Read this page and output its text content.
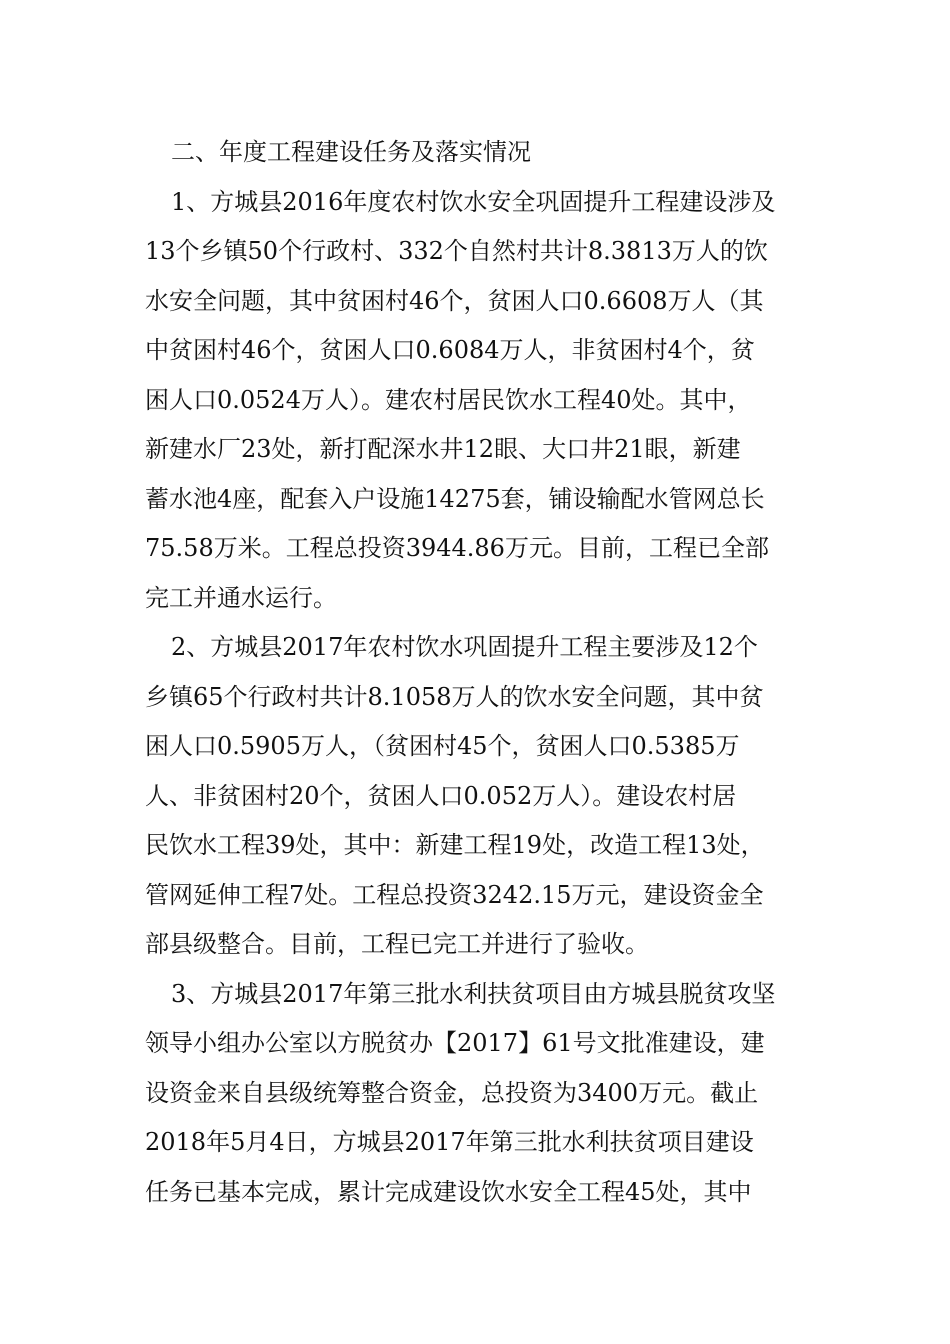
二、年度工程建设任务及落实情况
1、方城县2016年度农村饮水安全巩固提升工程建设涉及
13个乡镇50个行政村、332个自然村共计8.3813万人的饮
水安全问题，其中贫困村46个，贫困人口0.6608万人（其
中贫困村46个，贫困人口0.6084万人，非贫困村4个，贫
困人口0.0524万人）。建农村居民饮水工程40处。其中，
新建水厂23处，新打配深水井12眼、大口井21眼，新建
蓄水池4座，配套入户设施14275套，铺设输配水管网总长
75.58万米。工程总投资3944.86万元。目前，工程已全部
完工并通水运行。
2、方城县2017年农村饮水巩固提升工程主要涉及12个
乡镇65个行政村共计8.1058万人的饮水安全问题，其中贫
困人口0.5905万人，（贫困村45个，贫困人口0.5385万
人、非贫困村20个，贫困人口0.052万人）。建设农村居
民饮水工程39处，其中：新建工程19处，改造工程13处，
管网延伸工程7处。工程总投资3242.15万元，建设资金全
部县级整合。目前，工程已完工并进行了验收。
3、方城县2017年第三批水利扶贫项目由方城县脱贫攻坚
领导小组办公室以方脱贫办【2017】61号文批准建设，建
设资金来自县级统筹整合资金，总投资为3400万元。截止
2018年5月4日，方城县2017年第三批水利扶贫项目建设
任务已基本完成，累计完成建设饮水安全工程45处，其中
